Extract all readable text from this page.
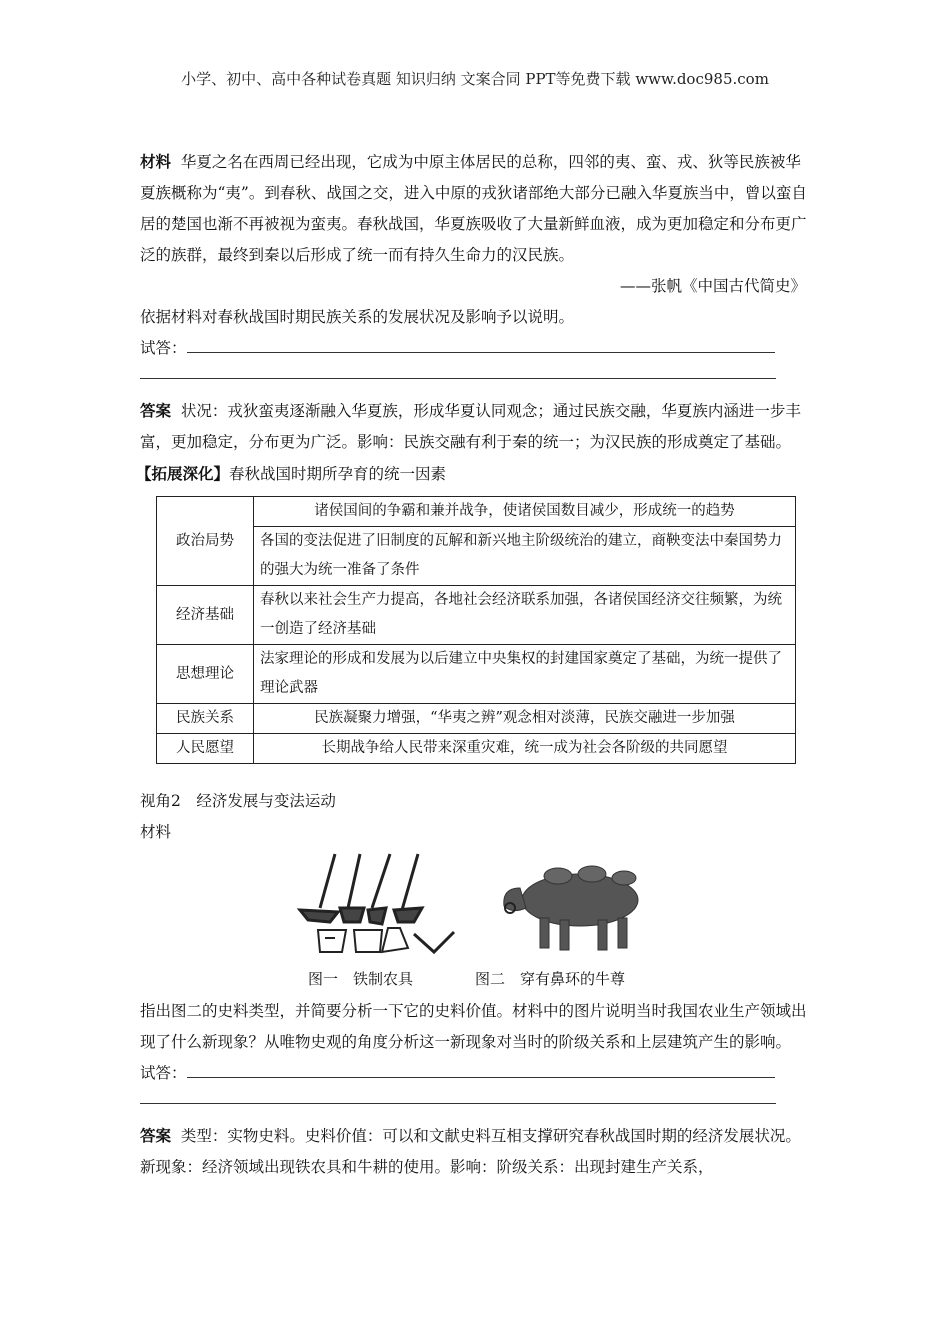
小学、初中、高中各种试卷真题 知识归纳 文案合同 PPT等免费下载 www.doc985.com
材料 华夏之名在西周已经出现，它成为中原主体居民的总称，四邻的夷、蛮、戎、狄等民族被华夏族概称为“夷”。到春秋、战国之交，进入中原的戎狄诸部绝大部分已融入华夏族当中，曾以蛮自居的楚国也渐不再被视为蛮夷。春秋战国，华夏族吸收了大量新鲜血液，成为更加稳定和分布更广泛的族群，最终到秦以后形成了统一而有持久生命力的汉民族。
——张帆《中国古代简史》
依据材料对春秋战国时期民族关系的发展状况及影响予以说明。
试答：
答案 状况：戎狄蛮夷逐渐融入华夏族，形成华夏认同观念；通过民族交融，华夏族内涵进一步丰富，更加稳定，分布更为广泛。影响：民族交融有利于秦的统一；为汉民族的形成奠定了基础。
【拓展深化】春秋战国时期所孕育的统一因素
政治局势	诸侯国间的争霸和兼并战争，使诸侯国数目减少，形成统一的趋势
	各国的变法促进了旧制度的瓦解和新兴地主阶级统治的建立，商鞅变法中秦国势力的强大为统一准备了条件
经济基础	春秋以来社会生产力提高，各地社会经济联系加强，各诸侯国经济交往频繁，为统一创造了经济基础
思想理论	法家理论的形成和发展为以后建立中央集权的封建国家奠定了基础，为统一提供了理论武器
民族关系	民族凝聚力增强，“华夷之辨”观念相对淡薄，民族交融进一步加强
人民愿望	长期战争给人民带来深重灾难，统一成为社会各阶级的共同愿望
视角2　经济发展与变法运动
材料
图一　铁制农具	图二　穿有鼻环的牛尊
指出图二的史料类型，并简要分析一下它的史料价值。材料中的图片说明当时我国农业生产领域出现了什么新现象？从唯物史观的角度分析这一新现象对当时的阶级关系和上层建筑产生的影响。
试答：
答案 类型：实物史料。史料价值：可以和文献史料互相支撑研究春秋战国时期的经济发展状况。新现象：经济领域出现铁农具和牛耕的使用。影响：阶级关系：出现封建生产关系，
